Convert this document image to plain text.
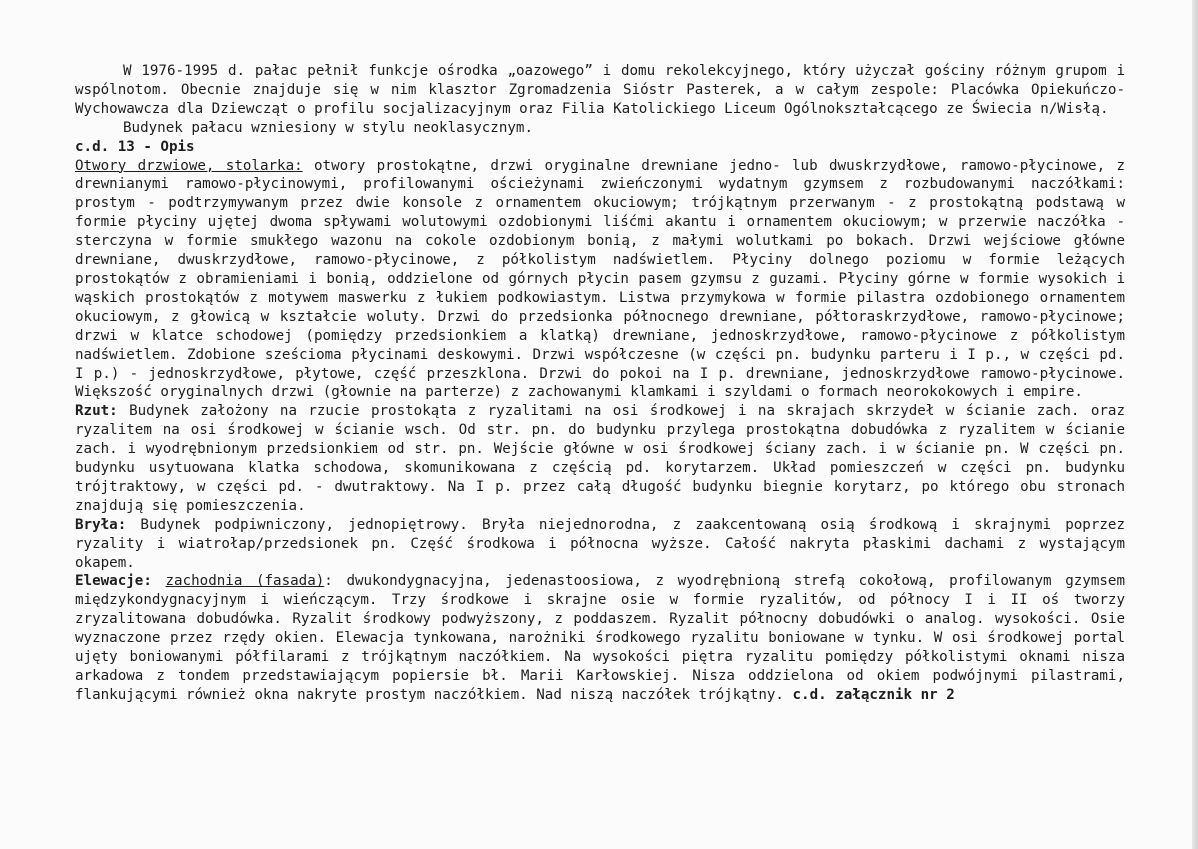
W 1976-1995 d. pałac pełnił funkcje ośrodka „oazowego” i domu rekolekcyjnego, który użyczał gościny różnym grupom i wspólnotom. Obecnie znajduje się w nim klasztor Zgromadzenia Sióstr Pasterek, a w całym zespole: Placówka Opiekuńczo-Wychowawcza dla Dziewcząt o profilu socjalizacyjnym oraz Filia Katolickiego Liceum Ogólnokształcącego ze Świecia n/Wisłą.

Budynek pałacu wzniesiony w stylu neoklasycznym.

c.d. 13 - Opis

Otwory drzwiowe, stolarka: otwory prostokątne, drzwi oryginalne drewniane jedno- lub dwuskrzydłowe, ramowo-płycinowe, z drewnianymi ramowo-płycinowymi, profilowanymi ościeżynami zwieńczonymi wydatnym gzymsem z rozbudowanymi naczółkami: prostym - podtrzymywanym przez dwie konsole z ornamentem okuciowym; trójkątnym przerwanym - z prostokątną podstawą w formie płyciny ujętej dwoma spływami wolutowymi ozdobionymi liśćmi akantu i ornamentem okuciowym; w przerwie naczółka - sterczyna w formie smukłego wazonu na cokole ozdobionym bonią, z małymi wolutkami po bokach. Drzwi wejściowe główne drewniane, dwuskrzydłowe, ramowo-płycinowe, z półkolistym nadświetlem. Płyciny dolnego poziomu w formie leżących prostokątów z obramieniami i bonią, oddzielone od górnych płycin pasem gzymsu z guzami. Płyciny górne w formie wysokich i wąskich prostokątów z motywem maswerku z łukiem podkowiastym. Listwa przymykowa w formie pilastra ozdobionego ornamentem okuciowym, z głowicą w kształcie woluty. Drzwi do przedsionka północnego drewniane, półtoraskrzydłowe, ramowo-płycinowe; drzwi w klatce schodowej (pomiędzy przedsionkiem a klatką) drewniane, jednoskrzydłowe, ramowo-płycinowe z półkolistym nadświetlem. Zdobione sześcioma płycinami deskowymi. Drzwi współczesne (w części pn. budynku parteru i I p., w części pd. I p.) - jednoskrzydłowe, płytowe, część przeszklona. Drzwi do pokoi na I p. drewniane, jednoskrzydłowe ramowo-płycinowe. Większość oryginalnych drzwi (głownie na parterze) z zachowanymi klamkami i szyldami o formach neorokokowych i empire.

Rzut: Budynek założony na rzucie prostokąta z ryzalitami na osi środkowej i na skrajach skrzydeł w ścianie zach. oraz ryzalitem na osi środkowej w ścianie wsch. Od str. pn. do budynku przylega prostokątna dobudówka z ryzalitem w ścianie zach. i wyodrębnionym przedsionkiem od str. pn. Wejście główne w osi środkowej ściany zach. i w ścianie pn. W części pn. budynku usytuowana klatka schodowa, skomunikowana z częścią pd. korytarzem. Układ pomieszczeń w części pn. budynku trójtraktowy, w części pd. - dwutraktowy. Na I p. przez całą długość budynku biegnie korytarz, po którego obu stronach znajdują się pomieszczenia.

Bryła: Budynek podpiwniczony, jednopiętrowy. Bryła niejednorodna, z zaakcentowaną osią środkową i skrajnymi poprzez ryzality i wiatrołap/przedsionek pn. Część środkowa i północna wyższe. Całość nakryta płaskimi dachami z wystającym okapem.

Elewacje: zachodnia (fasada): dwukondygnacyjna, jedenastoosiowa, z wyodrębnioną strefą cokołową, profilowanym gzymsem międzykondygnacyjnym i wieńczącym. Trzy środkowe i skrajne osie w formie ryzalitów, od północy I i II oś tworzy zryzalitowana dobudówka. Ryzalit środkowy podwyższony, z poddaszem. Ryzalit północny dobudówki o analog. wysokości. Osie wyznaczone przez rzędy okien. Elewacja tynkowana, narożniki środkowego ryzalitu boniowane w tynku. W osi środkowej portal ujęty boniowanymi półfilarami z trójkątnym naczółkiem. Na wysokości piętra ryzalitu pomiędzy półkolistymi oknami nisza arkadowa z tondem przedstawiającym popiersie bł. Marii Karłowskiej. Nisza oddzielona od okiem podwójnymi pilastrami, flankującymi również okna nakryte prostym naczółkiem. Nad niszą naczółek trójkątny. c.d. załącznik nr 2
